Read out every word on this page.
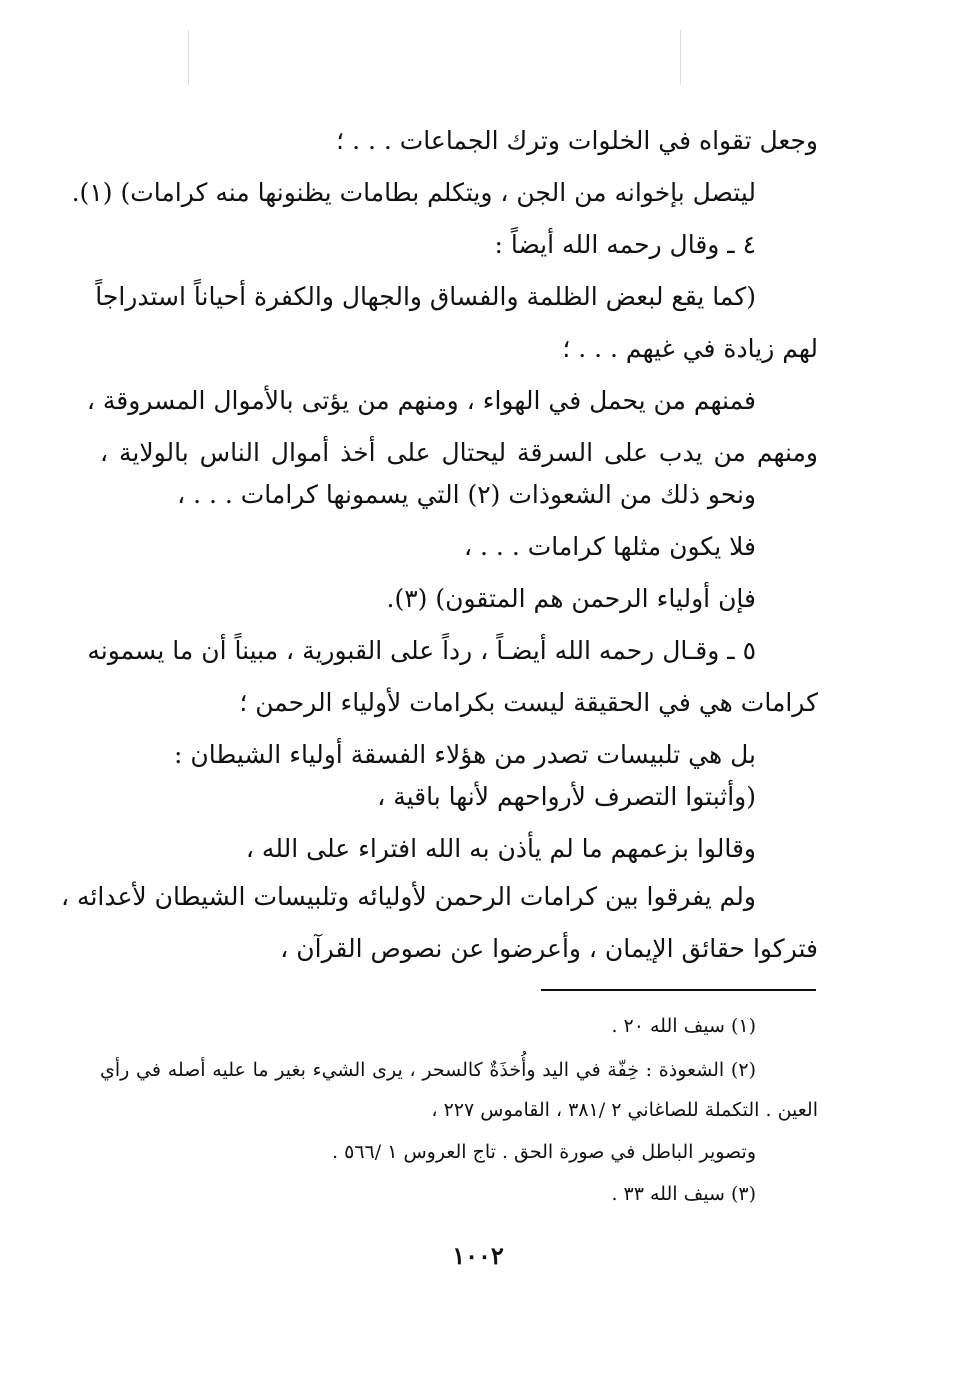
وجعل تقواه في الخلوات وترك الجماعات . . . ؛
ليتصل بإخوانه من الجن ، ويتكلم بطامات يظنونها منه كرامات) (١).
٤ ـ وقال رحمه الله أيضاً :
(كما يقع لبعض الظلمة والفساق والجهال والكفرة أحياناً استدراجاً
لهم زيادة في غيهم . . . ؛
فمنهم من يحمل في الهواء ، ومنهم من يؤتى بالأموال المسروقة ،
ومنهم من يدب على السرقة ليحتال على أخذ أموال الناس بالولاية ،
ونحو ذلك من الشعوذات (٢) التي يسمونها كرامات . . . ،
فلا يكون مثلها كرامات . . . ،
فإن أولياء الرحمن هم المتقون) (٣).
٥ ـ وقـال رحمه الله أيضـاً ، رداً على القبورية ، مبيناً أن ما يسمونه
كرامات هي في الحقيقة ليست بكرامات لأولياء الرحمن ؛
بل هي تلبيسات تصدر من هؤلاء الفسقة أولياء الشيطان :
(وأثبتوا التصرف لأرواحهم لأنها باقية ،
وقالوا بزعمهم ما لم يأذن به الله افتراء على الله ،
ولم يفرقوا بين كرامات الرحمن لأوليائه وتلبيسات الشيطان لأعدائه ،
فتركوا حقائق الإيمان ، وأعرضوا عن نصوص القرآن ،
(١) سيف الله ٢٠ .
(٢) الشعوذة : خِفّة في اليد وأُخذَةٌ كالسحر ، يرى الشيء بغير ما عليه أصله في رأي
العين . التكملة للصاغاني ٢ /٣٨١ ، القاموس ٢٢٧ ،
وتصوير الباطل في صورة الحق . تاج العروس ١ /٥٦٦ .
(٣) سيف الله ٣٣ .
١٠٠٢
